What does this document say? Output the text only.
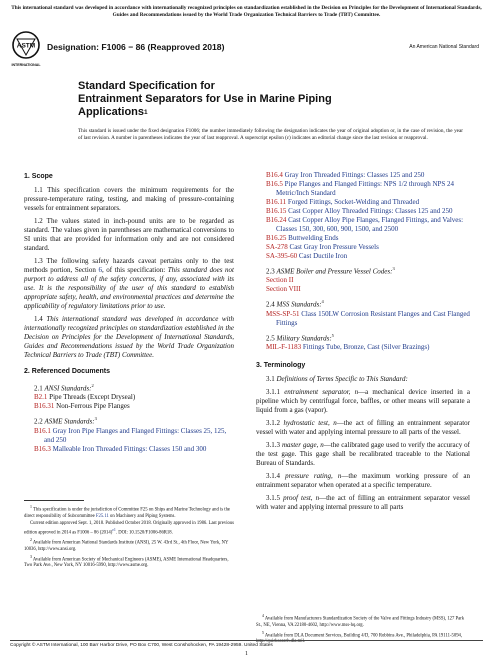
This international standard was developed in accordance with internationally recognized principles on standardization established in the Decision on Principles for the Development of International Standards, Guides and Recommendations issued by the World Trade Organization Technical Barriers to Trade (TBT) Committee.
ASTM
INTERNATIONAL
Designation: F1006 − 86 (Reapproved 2018)	An American National Standard
Standard Specification for
Entrainment Separators for Use in Marine Piping
Applications$^1$
This standard is issued under the fixed designation F1006; the number immediately following the designation indicates the year of original adoption or, in the case of revision, the year of last revision. A number in parentheses indicates the year of last reapproval. A superscript epsilon (ε) indicates an editorial change since the last revision or reapproval.
1. Scope
1.1 This specification covers the minimum requirements for the pressure-temperature rating, testing, and making of pressure-containing vessels for entrainment separators.
1.2 The values stated in inch-pound units are to be regarded as standard. The values given in parentheses are mathematical conversions to SI units that are provided for information only and are not considered standard.
1.3 The following safety hazards caveat pertains only to the test methods portion, Section 6, of this specification: This standard does not purport to address all of the safety concerns, if any, associated with its use. It is the responsibility of the user of this standard to establish appropriate safety, health, and environmental practices and determine the applicability of regulatory limitations prior to use.
1.4 This international standard was developed in accordance with internationally recognized principles on standardization established in the Decision on Principles for the Development of International Standards, Guides and Recommendations issued by the World Trade Organization Technical Barriers to Trade (TBT) Committee.
2. Referenced Documents
2.1 ANSI Standards:$^2$
B2.1 Pipe Threads (Except Dryseal)
B16.31 Non-Ferrous Pipe Flanges
2.2 ASME Standards:$^3$
B16.1 Gray Iron Pipe Flanges and Flanged Fittings: Classes 25, 125, and 250
B16.3 Malleable Iron Threaded Fittings: Classes 150 and 300
B16.4 Gray Iron Threaded Fittings: Classes 125 and 250
B16.5 Pipe Flanges and Flanged Fittings: NPS 1/2 through NPS 24 Metric/Inch Standard
B16.11 Forged Fittings, Socket-Welding and Threaded
B16.15 Cast Copper Alloy Threaded Fittings: Classes 125 and 250
B16.24 Cast Copper Alloy Pipe Flanges, Flanged Fittings, and Valves: Classes 150, 300, 600, 900, 1500, and 2500
B16.25 Buttwelding Ends
SA-278 Cast Gray Iron Pressure Vessels
SA-395-60 Cast Ductile Iron
2.3 ASME Boiler and Pressure Vessel Codes:$^3$
Section II
Section VIII
2.4 MSS Standards:$^4$
MSS-SP-51 Class 150LW Corrosion Resistant Flanges and Cast Flanged Fittings
2.5 Military Standards:$^5$
MIL-F-1183 Fittings Tube, Bronze, Cast (Silver Brazings)
3. Terminology
3.1 Definitions of Terms Specific to This Standard:
3.1.1 entrainment separator, n—a mechanical device inserted in a pipeline which by centrifugal force, baffles, or other means will separate a liquid from a gas (vapor).
3.1.2 hydrostatic test, n—the act of filling an entrainment separator vessel with water and applying internal pressure to all parts of the vessel.
3.1.3 master gage, n—the calibrated gage used to verify the accuracy of the test gage. This gage shall be recalibrated traceable to the National Bureau of Standards.
3.1.4 pressure rating, n—the maximum working pressure of an entrainment separator when operated at a specific temperature.
3.1.5 proof test, n—the act of filling an entrainment separator vessel with water and applying internal pressure to all parts
$^1$ This specification is under the jurisdiction of Committee F25 on Ships and Marine Technology and is the direct responsibility of Subcommittee F25.11 on Machinery and Piping Systems.
Current edition approved Sept. 1, 2018. Published October 2018. Originally approved in 1986. Last previous edition approved in 2014 as F1006 – 86 $(2014)^{\varepsilon 1}$. DOI: 10.1520/F1006-86R18.
$^2$ Available from American National Standards Institute (ANSI), 25 W. 43rd St., 4th Floor, New York, NY 10036, http://www.ansi.org.
$^3$ Available from American Society of Mechanical Engineers (ASME), ASME International Headquarters, Two Park Ave., New York, NY 10016-5990, http://www.asme.org.
$^4$ Available from Manufacturers Standardization Society of the Valve and Fittings Industry (MSS), 127 Park St., NE, Vienna, VA 22180-4602, http://www.mss-hq.org.
$^5$ Available from DLA Document Services, Building 4/D, 700 Robbins Ave., Philadelphia, PA 19111-5094, http://quicksearch.dla.mil.
Copyright © ASTM International, 100 Barr Harbor Drive, PO Box C700, West Conshohocken, PA 19428-2959. United States
1
